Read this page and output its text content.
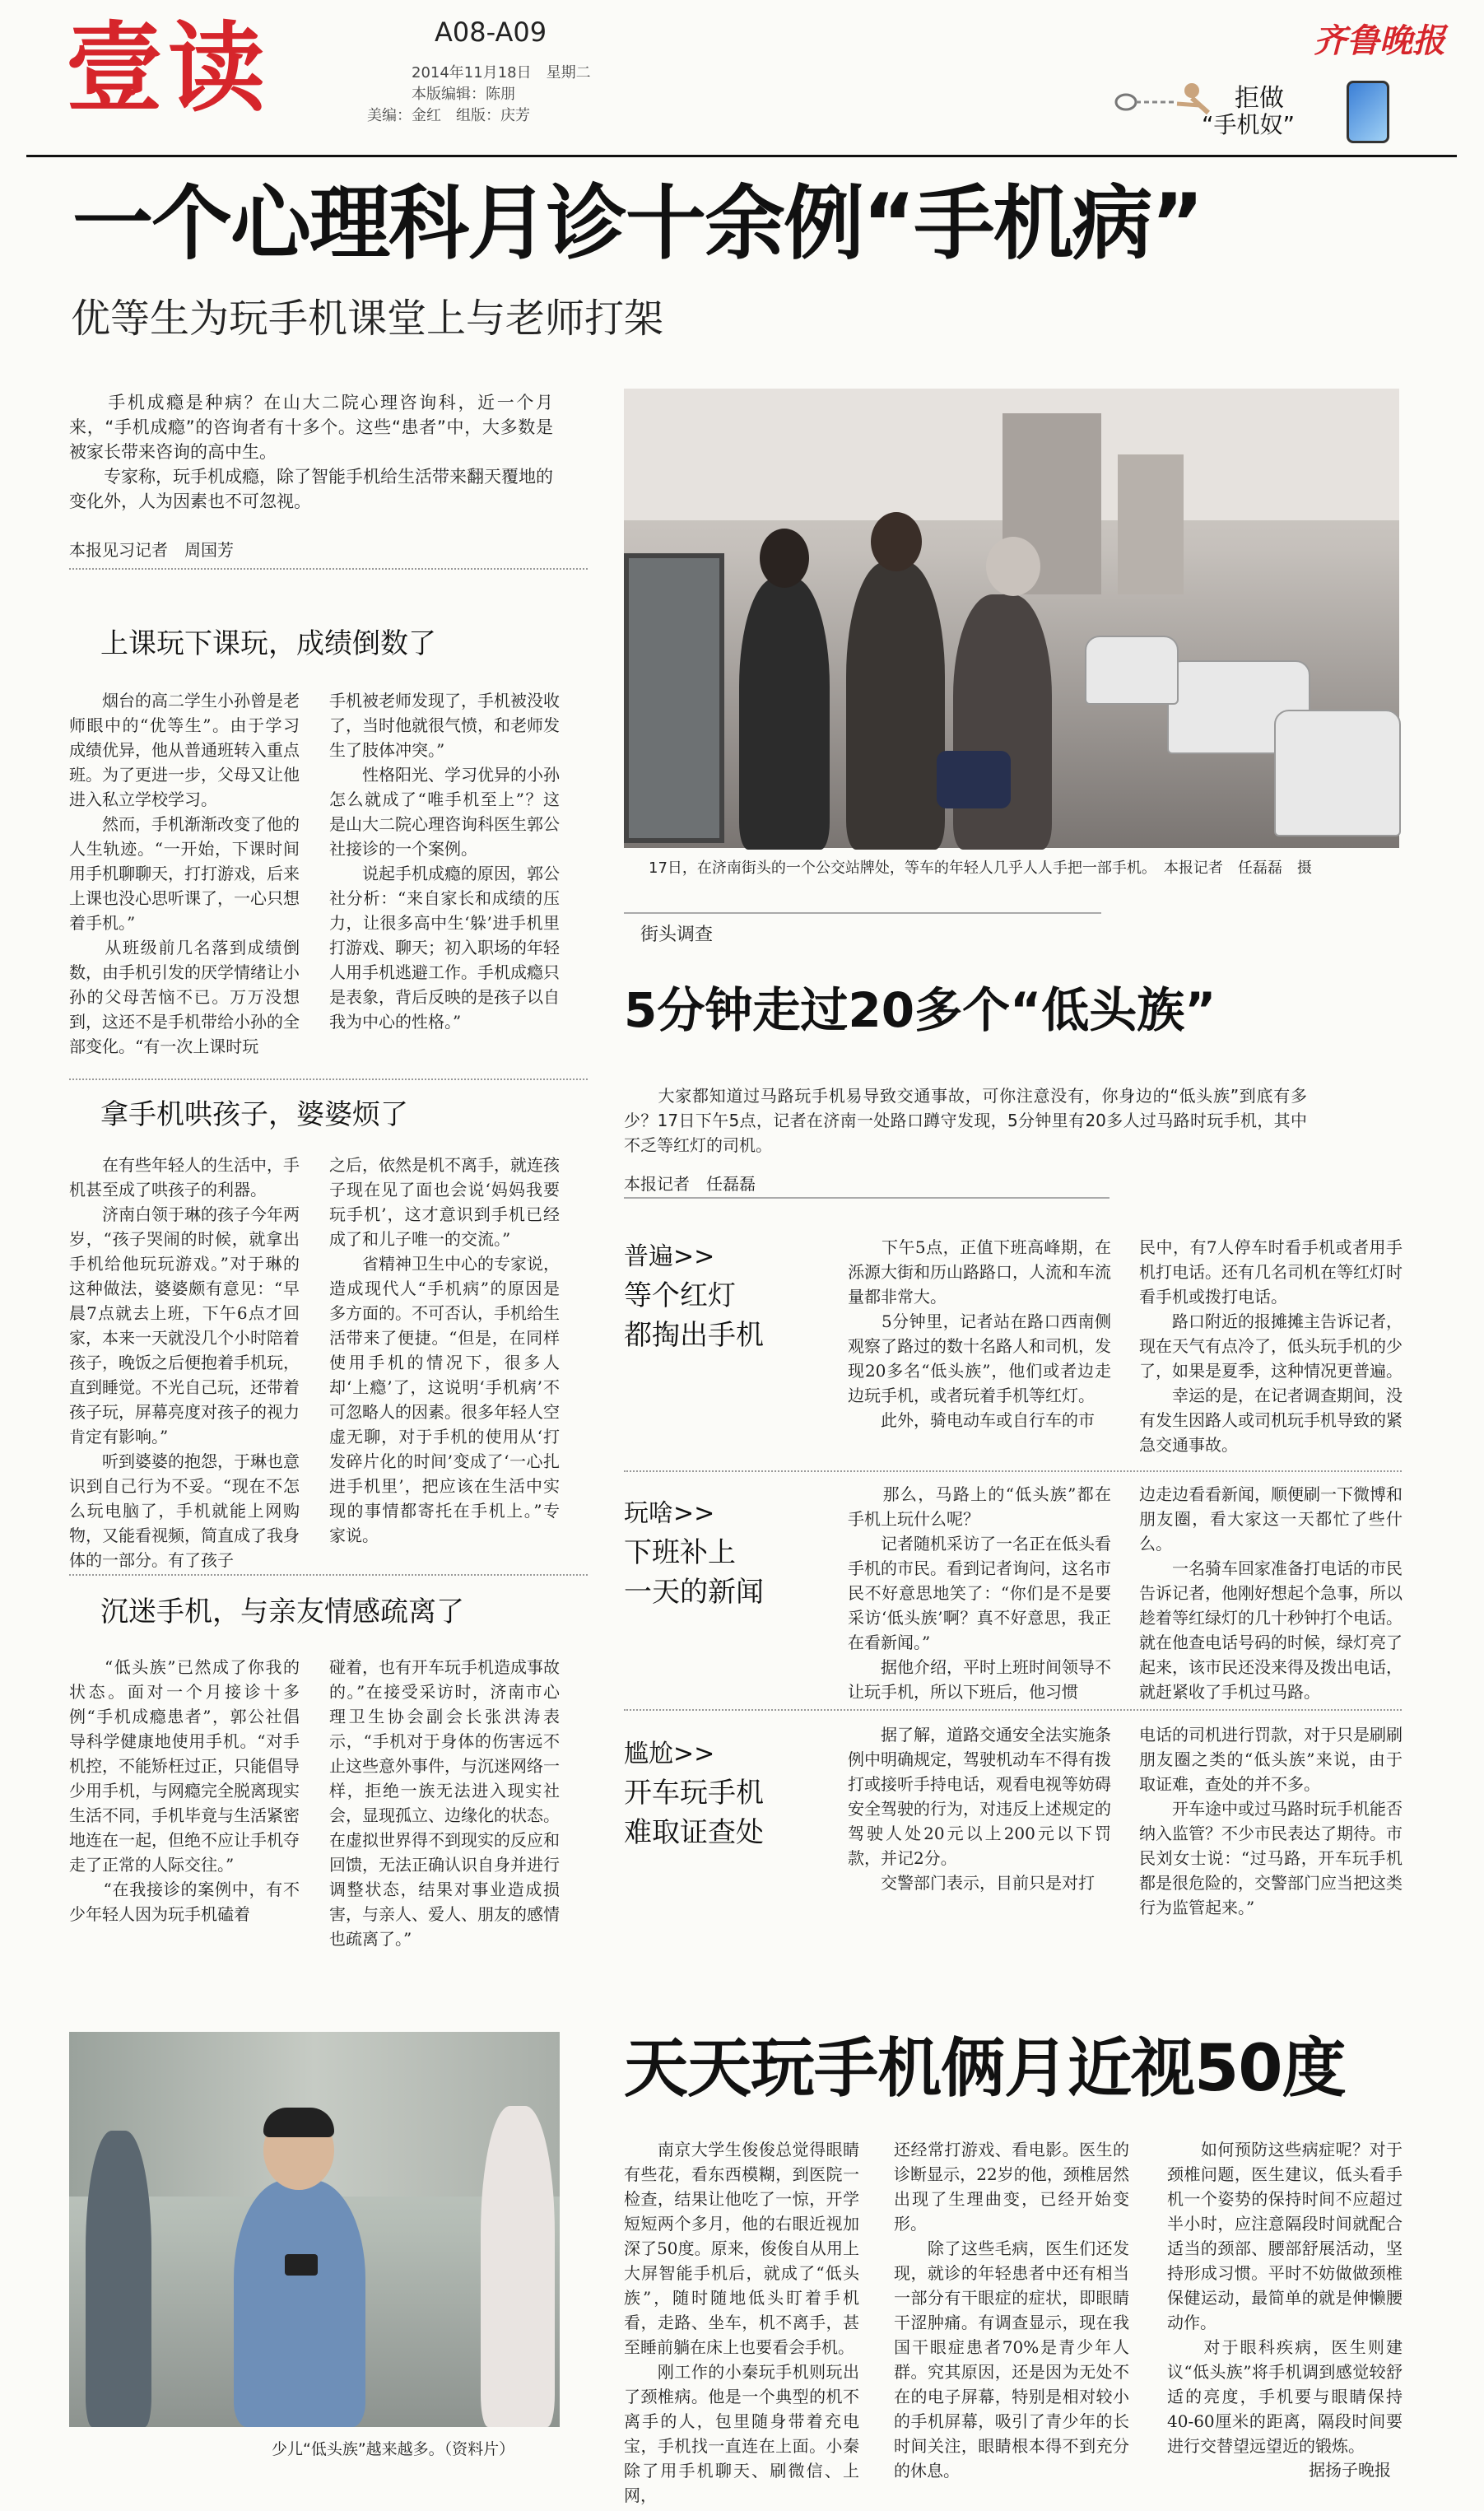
壹读	A08-A09
2014年11月18日　 星期二
本版编辑：陈朋
美编：金红　组版：庆芳
齐鲁晚报
拒做
“手机奴”
一个心理科月诊十余例“手机病”
优等生为玩手机课堂上与老师打架
　　手机成瘾是种病？在山大二院心理咨询科，近一个月来，“手机成瘾”的咨询者有十多个。这些“患者”中，大多数是被家长带来咨询的高中生。
　　专家称，玩手机成瘾，除了智能手机给生活带来翻天覆地的变化外，人为因素也不可忽视。
本报见习记者　周国芳
上课玩下课玩，成绩倒数了
　　烟台的高二学生小孙曾是老师眼中的“优等生”。由于学习成绩优异，他从普通班转入重点班。为了更进一步，父母又让他进入私立学校学习。
　　然而，手机渐渐改变了他的人生轨迹。“一开始，下课时间用手机聊聊天，打打游戏，后来上课也没心思听课了，一心只想着手机。”
　　从班级前几名落到成绩倒数，由手机引发的厌学情绪让小孙的父母苦恼不已。万万没想到，这还不是手机带给小孙的全部变化。“有一次上课时玩
手机被老师发现了，手机被没收了，当时他就很气愤，和老师发生了肢体冲突。”
　　性格阳光、学习优异的小孙怎么就成了“唯手机至上”？这是山大二院心理咨询科医生郭公社接诊的一个案例。
　　说起手机成瘾的原因，郭公社分析：“来自家长和成绩的压力，让很多高中生‘躲’进手机里打游戏、聊天；初入职场的年轻人用手机逃避工作。手机成瘾只是表象，背后反映的是孩子以自我为中心的性格。”
拿手机哄孩子，婆婆烦了
　　在有些年轻人的生活中，手机甚至成了哄孩子的利器。
　　济南白领于琳的孩子今年两岁，“孩子哭闹的时候，就拿出手机给他玩玩游戏。”对于琳的这种做法，婆婆颇有意见：“早晨7点就去上班，下午6点才回家，本来一天就没几个小时陪着孩子，晚饭之后便抱着手机玩，直到睡觉。不光自己玩，还带着孩子玩，屏幕亮度对孩子的视力肯定有影响。”
　　听到婆婆的抱怨，于琳也意识到自己行为不妥。“现在不怎么玩电脑了，手机就能上网购物，又能看视频，简直成了我身体的一部分。有了孩子
之后，依然是机不离手，就连孩子现在见了面也会说‘妈妈我要玩手机’，这才意识到手机已经成了和儿子唯一的交流。”
　　省精神卫生中心的专家说，造成现代人“手机病”的原因是多方面的。不可否认，手机给生活带来了便捷。“但是，在同样使用手机的情况下，很多人却‘上瘾’了，这说明‘手机病’不可忽略人的因素。很多年轻人空虚无聊，对于手机的使用从‘打发碎片化的时间’变成了‘一心扎进手机里’，把应该在生活中实现的事情都寄托在手机上。”专家说。
沉迷手机，与亲友情感疏离了
　　“低头族”已然成了你我的状态。面对一个月接诊十多例“手机成瘾患者”，郭公社倡导科学健康地使用手机。“对手机控，不能矫枉过正，只能倡导少用手机，与网瘾完全脱离现实生活不同，手机毕竟与生活紧密地连在一起，但绝不应让手机夺走了正常的人际交往。”
　　“在我接诊的案例中，有不少年轻人因为玩手机磕着
碰着，也有开车玩手机造成事故的。”在接受采访时，济南市心理卫生协会副会长张洪涛表示，“手机对于身体的伤害远不止这些意外事件，与沉迷网络一样，拒绝一族无法进入现实社会，显现孤立、边缘化的状态。在虚拟世界得不到现实的反应和回馈，无法正确认识自身并进行调整状态，结果对事业造成损害，与亲人、爱人、朋友的感情也疏离了。”
17日，在济南街头的一个公交站牌处，等车的年轻人几乎人人手把一部手机。　本报记者　任磊磊　摄
街头调查
5分钟走过20多个“低头族”
　　大家都知道过马路玩手机易导致交通事故，可你注意没有，你身边的“低头族”到底有多少？17日下午5点，记者在济南一处路口蹲守发现，5分钟里有20多人过马路时玩手机，其中不乏等红灯的司机。
本报记者　任磊磊
普遍>>
等个红灯
都掏出手机
　　下午5点，正值下班高峰期，在泺源大街和历山路路口，人流和车流量都非常大。
　　5分钟里，记者站在路口西南侧观察了路过的数十名路人和司机，发现20多名“低头族”，他们或者边走边玩手机，或者玩着手机等红灯。
　　此外，骑电动车或自行车的市
民中，有7人停车时看手机或者用手机打电话。还有几名司机在等红灯时看手机或拨打电话。
　　路口附近的报摊摊主告诉记者，现在天气有点冷了，低头玩手机的少了，如果是夏季，这种情况更普遍。
　　幸运的是，在记者调查期间，没有发生因路人或司机玩手机导致的紧急交通事故。
玩啥>>
下班补上
一天的新闻
　　那么，马路上的“低头族”都在手机上玩什么呢？
　　记者随机采访了一名正在低头看手机的市民。看到记者询问，这名市民不好意思地笑了：“你们是不是要采访‘低头族’啊？真不好意思，我正在看新闻。”
　　据他介绍，平时上班时间领导不让玩手机，所以下班后，他习惯
边走边看看新闻，顺便刷一下微博和朋友圈，看大家这一天都忙了些什么。
　　一名骑车回家准备打电话的市民告诉记者，他刚好想起个急事，所以趁着等红绿灯的几十秒钟打个电话。就在他查电话号码的时候，绿灯亮了起来，该市民还没来得及拨出电话，就赶紧收了手机过马路。
尴尬>>
开车玩手机
难取证查处
　　据了解，道路交通安全法实施条例中明确规定，驾驶机动车不得有拨打或接听手持电话，观看电视等妨碍安全驾驶的行为，对违反上述规定的驾驶人处20元以上200元以下罚款，并记2分。
　　交警部门表示，目前只是对打
电话的司机进行罚款，对于只是刷刷朋友圈之类的“低头族”来说，由于取证难，查处的并不多。
　　开车途中或过马路时玩手机能否纳入监管？不少市民表达了期待。市民刘女士说：“过马路，开车玩手机都是很危险的，交警部门应当把这类行为监管起来。”
少儿“低头族”越来越多。（资料片）
天天玩手机俩月近视50度
　　南京大学生俊俊总觉得眼睛有些花，看东西模糊，到医院一检查，结果让他吃了一惊，开学短短两个多月，他的右眼近视加深了50度。原来，俊俊自从用上大屏智能手机后，就成了“低头族”，随时随地低头盯着手机看，走路、坐车，机不离手，甚至睡前躺在床上也要看会手机。
　　刚工作的小秦玩手机则玩出了颈椎病。他是一个典型的机不离手的人，包里随身带着充电宝，手机找一直连在上面。小秦除了用手机聊天、刷微信、上网，
还经常打游戏、看电影。医生的诊断显示，22岁的他，颈椎居然出现了生理曲变，已经开始变形。
　　除了这些毛病，医生们还发现，就诊的年轻患者中还有相当一部分有干眼症的症状，即眼睛干涩肿痛。有调查显示，现在我国干眼症患者70%是青少年人群。究其原因，还是因为无处不在的电子屏幕，特别是相对较小的手机屏幕，吸引了青少年的长时间关注，眼睛根本得不到充分的休息。
　　如何预防这些病症呢？对于颈椎问题，医生建议，低头看手机一个姿势的保持时间不应超过半小时，应注意隔段时间就配合适当的颈部、腰部舒展活动，坚持形成习惯。平时不妨做做颈椎保健运动，最简单的就是伸懒腰动作。
　　对于眼科疾病，医生则建议“低头族”将手机调到感觉较舒适的亮度，手机要与眼睛保持40-60厘米的距离，隔段时间要进行交替望远望近的锻炼。
据扬子晚报
